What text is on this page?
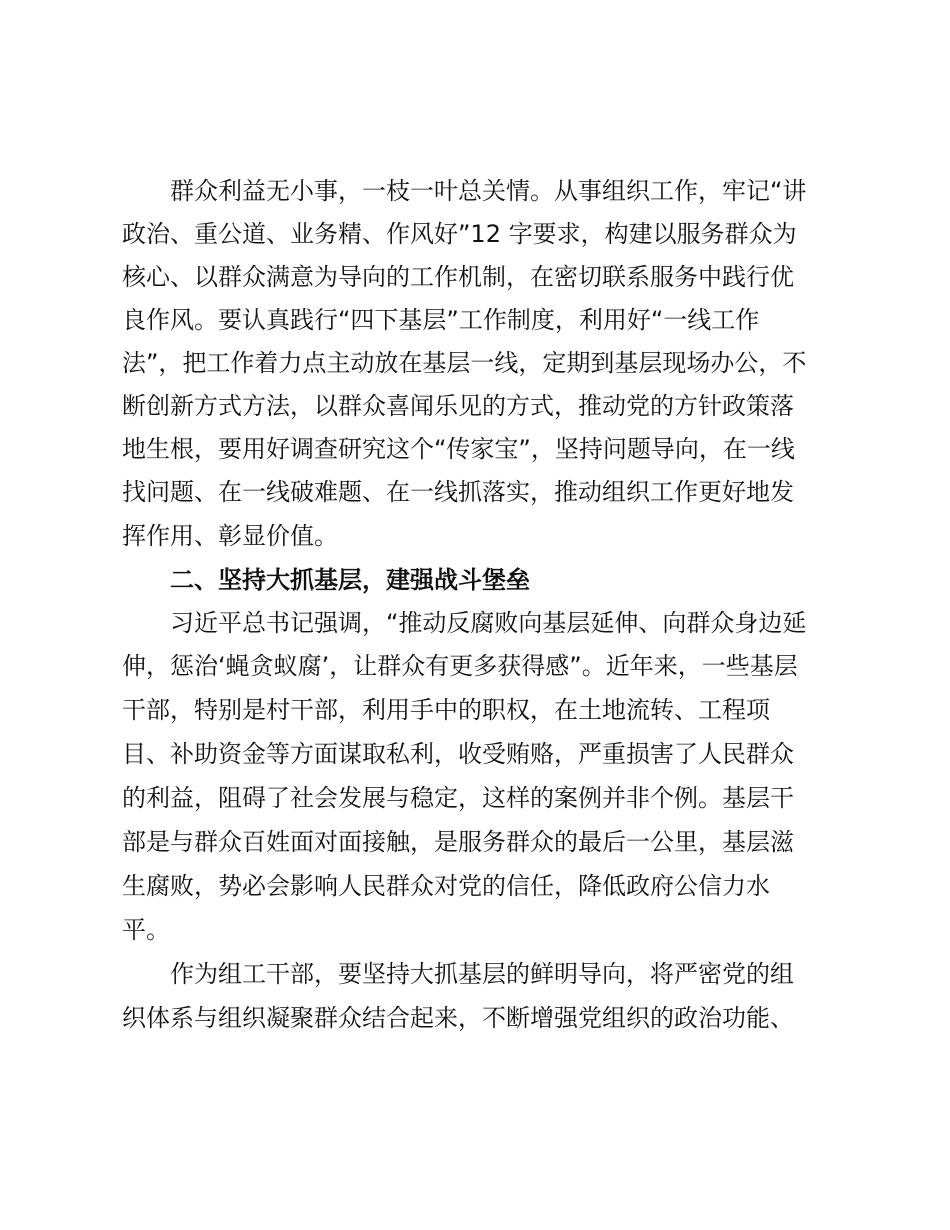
群众利益无小事，一枝一叶总关情。从事组织工作，牢记“讲
政治、重公道、业务精、作风好”12 字要求，构建以服务群众为
核心、以群众满意为导向的工作机制，在密切联系服务中践行优
良作风。要认真践行“四下基层”工作制度，利用好“一线工作
法”，把工作着力点主动放在基层一线，定期到基层现场办公，不
断创新方式方法，以群众喜闻乐见的方式，推动党的方针政策落
地生根，要用好调查研究这个“传家宝”，坚持问题导向，在一线
找问题、在一线破难题、在一线抓落实，推动组织工作更好地发
挥作用、彰显价值。
二、坚持大抓基层，建强战斗堡垒
习近平总书记强调，“推动反腐败向基层延伸、向群众身边延
伸，惩治‘蝇贪蚁腐’，让群众有更多获得感”。近年来，一些基层
干部，特别是村干部，利用手中的职权，在土地流转、工程项
目、补助资金等方面谋取私利，收受贿赂，严重损害了人民群众
的利益，阻碍了社会发展与稳定，这样的案例并非个例。基层干
部是与群众百姓面对面接触，是服务群众的最后一公里，基层滋
生腐败，势必会影响人民群众对党的信任，降低政府公信力水
平。
作为组工干部，要坚持大抓基层的鲜明导向，将严密党的组
织体系与组织凝聚群众结合起来，不断增强党组织的政治功能、
